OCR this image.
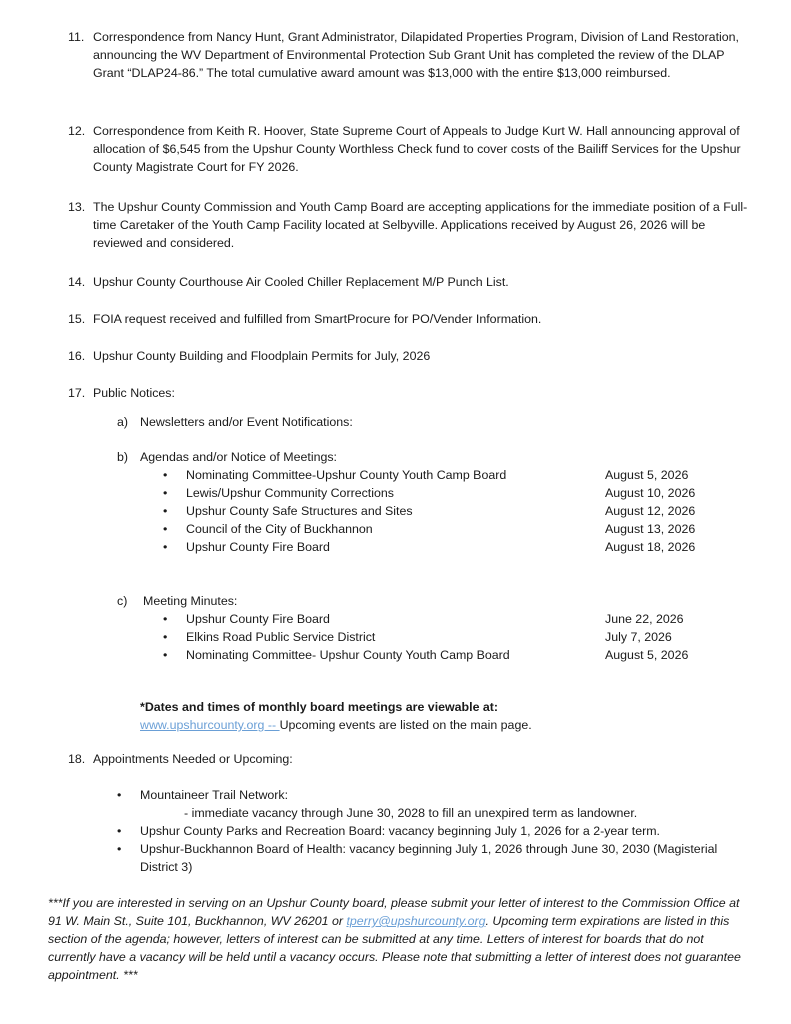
11. Correspondence from Nancy Hunt, Grant Administrator, Dilapidated Properties Program, Division of Land Restoration, announcing the WV Department of Environmental Protection Sub Grant Unit has completed the review of the DLAP Grant “DLAP24-86.” The total cumulative award amount was $13,000 with the entire $13,000 reimbursed.
12. Correspondence from Keith R. Hoover, State Supreme Court of Appeals to Judge Kurt W. Hall announcing approval of allocation of $6,545 from the Upshur County Worthless Check fund to cover costs of the Bailiff Services for the Upshur County Magistrate Court for FY 2026.
13. The Upshur County Commission and Youth Camp Board are accepting applications for the immediate position of a Full-time Caretaker of the Youth Camp Facility located at Selbyville. Applications received by August 26, 2026 will be reviewed and considered.
14. Upshur County Courthouse Air Cooled Chiller Replacement M/P Punch List.
15. FOIA request received and fulfilled from SmartProcure for PO/Vender Information.
16. Upshur County Building and Floodplain Permits for July, 2026
17. Public Notices:
a) Newsletters and/or Event Notifications:
b) Agendas and/or Notice of Meetings:
• Nominating Committee-Upshur County Youth Camp Board	August 5, 2026
• Lewis/Upshur Community Corrections	August 10, 2026
• Upshur County Safe Structures and Sites	August 12, 2026
• Council of the City of Buckhannon	August 13, 2026
• Upshur County Fire Board	August 18, 2026
c) Meeting Minutes:
• Upshur County Fire Board	June 22, 2026
• Elkins Road Public Service District	July 7, 2026
• Nominating Committee- Upshur County Youth Camp Board	August 5, 2026
*Dates and times of monthly board meetings are viewable at:
www.upshurcounty.org -- Upcoming events are listed on the main page.
18. Appointments Needed or Upcoming:
• Mountaineer Trail Network:
- immediate vacancy through June 30, 2028 to fill an unexpired term as landowner.
• Upshur County Parks and Recreation Board: vacancy beginning July 1, 2026 for a 2-year term.
• Upshur-Buckhannon Board of Health: vacancy beginning July 1, 2026 through June 30, 2030 (Magisterial District 3)
***If you are interested in serving on an Upshur County board, please submit your letter of interest to the Commission Office at 91 W. Main St., Suite 101, Buckhannon, WV 26201 or tperry@upshurcounty.org. Upcoming term expirations are listed in this section of the agenda; however, letters of interest can be submitted at any time. Letters of interest for boards that do not currently have a vacancy will be held until a vacancy occurs. Please note that submitting a letter of interest does not guarantee appointment. ***
